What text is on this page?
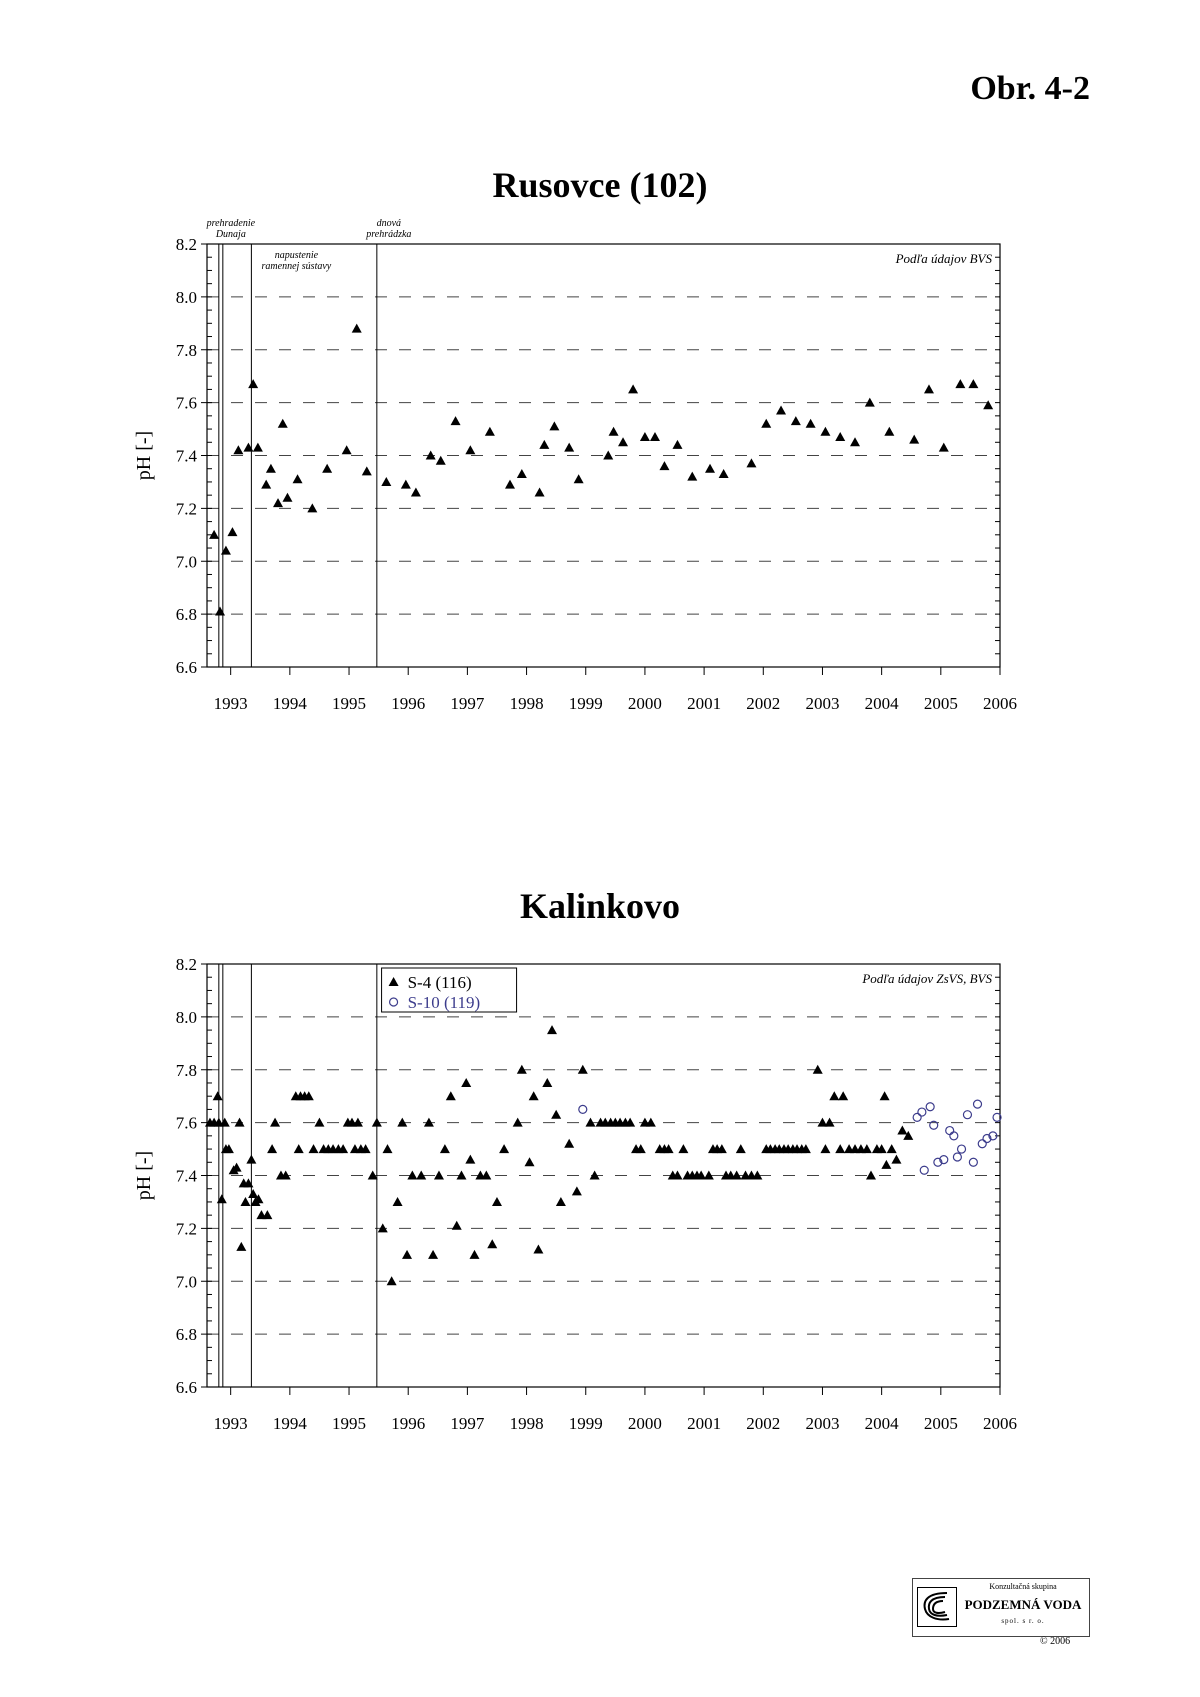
Obr. 4-2
Rusovce (102)
6.6
6.8
7.0
7.2
7.4
7.6
7.8
8.0
8.2
1993 1994 1995 1996 1997 1998 1999 2000 2001 2002 2003 2004 2005 2006
pH [-]
prehradenie
Dunaja
napustenie
ramennej sústavy
dnová
prehrádzka
Podľa údajov BVS
Kalinkovo
6.6
6.8
7.0
7.2
7.4
7.6
7.8
8.0
8.2
1993 1994 1995 1996 1997 1998 1999 2000 2001 2002 2003 2004 2005 2006
pH [-]
Podľa údajov ZsVS, BVS
S-4 (116)
S-10 (119)
Konzultačná skupina
PODZEMNÁ VODA
spol. s r. o.
© 2006
